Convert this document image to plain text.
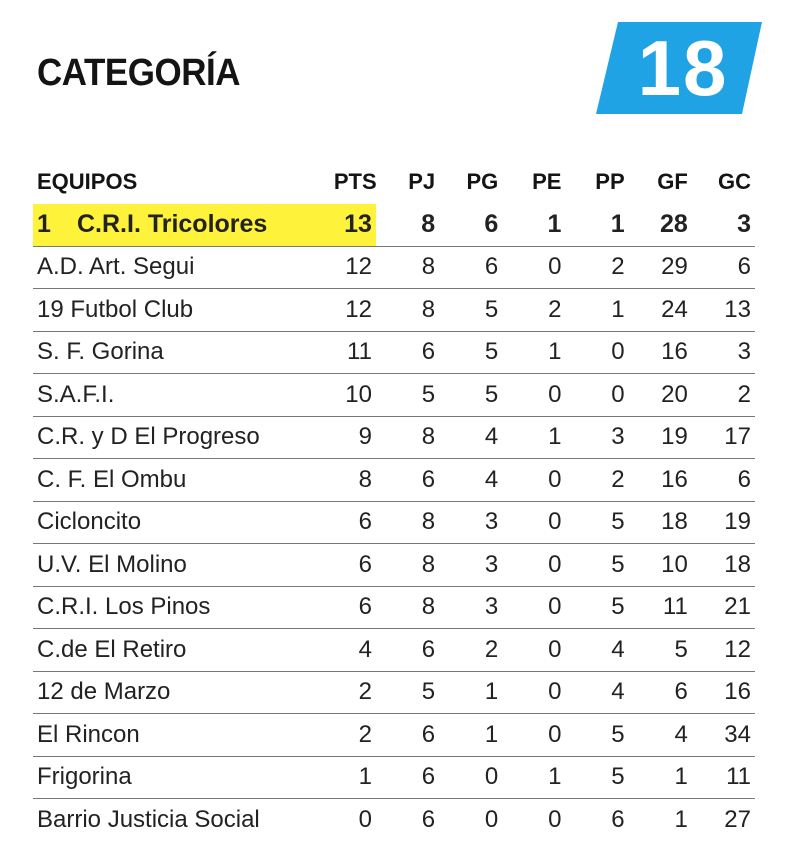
CATEGORÍA	18
EQUIPOS	PTS	PJ	PG	PE	PP	GF	GC
1 C.R.I. Tricolores	13	8	6	1	1	28	3
A.D. Art. Segui	12	8	6	0	2	29	6
19 Futbol Club	12	8	5	2	1	24	13
S. F. Gorina	11	6	5	1	0	16	3
S.A.F.I.	10	5	5	0	0	20	2
C.R. y D El Progreso	9	8	4	1	3	19	17
C. F. El Ombu	8	6	4	0	2	16	6
Cicloncito	6	8	3	0	5	18	19
U.V. El Molino	6	8	3	0	5	10	18
C.R.I. Los Pinos	6	8	3	0	5	11	21
C.de El Retiro	4	6	2	0	4	5	12
12 de Marzo	2	5	1	0	4	6	16
El Rincon	2	6	1	0	5	4	34
Frigorina	1	6	0	1	5	1	11
Barrio Justicia Social	0	6	0	0	6	1	27
